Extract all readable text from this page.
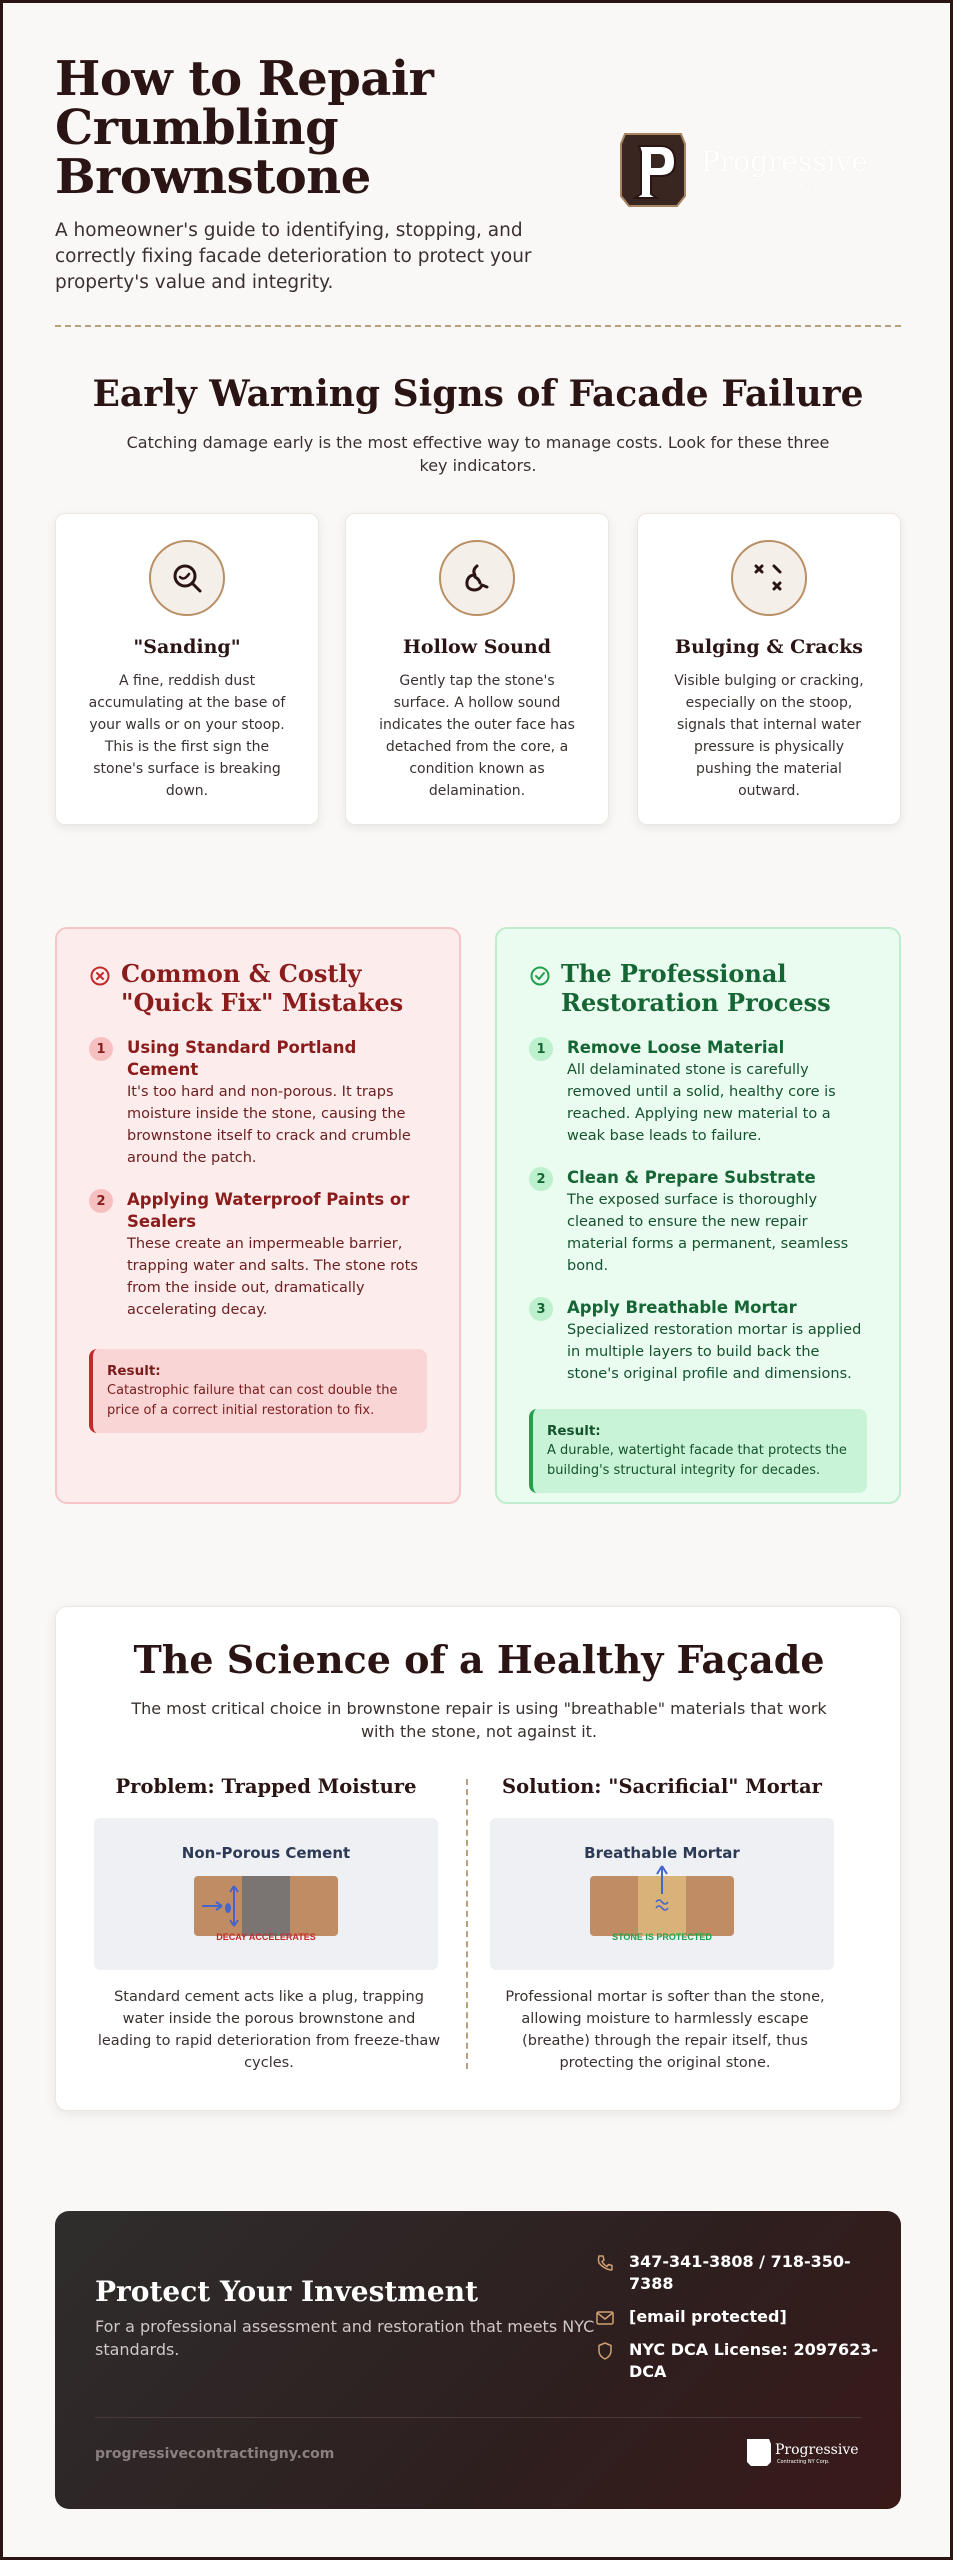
How to Repair Crumbling Brownstone
A homeowner's guide to identifying, stopping, and correctly fixing facade deterioration to protect your property's value and integrity.
Progressive
Contracting NY Corp.
Early Warning Signs of Facade Failure
Catching damage early is the most effective way to manage costs. Look for these three key indicators.
"Sanding"
A fine, reddish dust accumulating at the base of your walls or on your stoop. This is the first sign the stone's surface is breaking down.
Hollow Sound
Gently tap the stone's surface. A hollow sound indicates the outer face has detached from the core, a condition known as delamination.
Bulging & Cracks
Visible bulging or cracking, especially on the stoop, signals that internal water pressure is physically pushing the material outward.
Common & Costly "Quick Fix" Mistakes
1	Using Standard Portland Cement
It's too hard and non-porous. It traps moisture inside the stone, causing the brownstone itself to crack and crumble around the patch.
2	Applying Waterproof Paints or Sealers
These create an impermeable barrier, trapping water and salts. The stone rots from the inside out, dramatically accelerating decay.
Result:
Catastrophic failure that can cost double the price of a correct initial restoration to fix.
The Professional Restoration Process
1	Remove Loose Material
All delaminated stone is carefully removed until a solid, healthy core is reached. Applying new material to a weak base leads to failure.
2	Clean & Prepare Substrate
The exposed surface is thoroughly cleaned to ensure the new repair material forms a permanent, seamless bond.
3	Apply Breathable Mortar
Specialized restoration mortar is applied in multiple layers to build back the stone's original profile and dimensions.
Result:
A durable, watertight facade that protects the building's structural integrity for decades.
The Science of a Healthy Façade
The most critical choice in brownstone repair is using "breathable" materials that work with the stone, not against it.
Problem: Trapped Moisture
Non-Porous Cement
DECAY ACCELERATES
Standard cement acts like a plug, trapping water inside the porous brownstone and leading to rapid deterioration from freeze-thaw cycles.
Solution: "Sacrificial" Mortar
Breathable Mortar
STONE IS PROTECTED
Professional mortar is softer than the stone, allowing moisture to harmlessly escape (breathe) through the repair itself, thus protecting the original stone.
Protect Your Investment
For a professional assessment and restoration that meets NYC standards.
347-341-3808 / 718-350-7388
[email protected]
NYC DCA License: 2097623-DCA
progressivecontractingny.com	Progressive
Contracting NY Corp.
